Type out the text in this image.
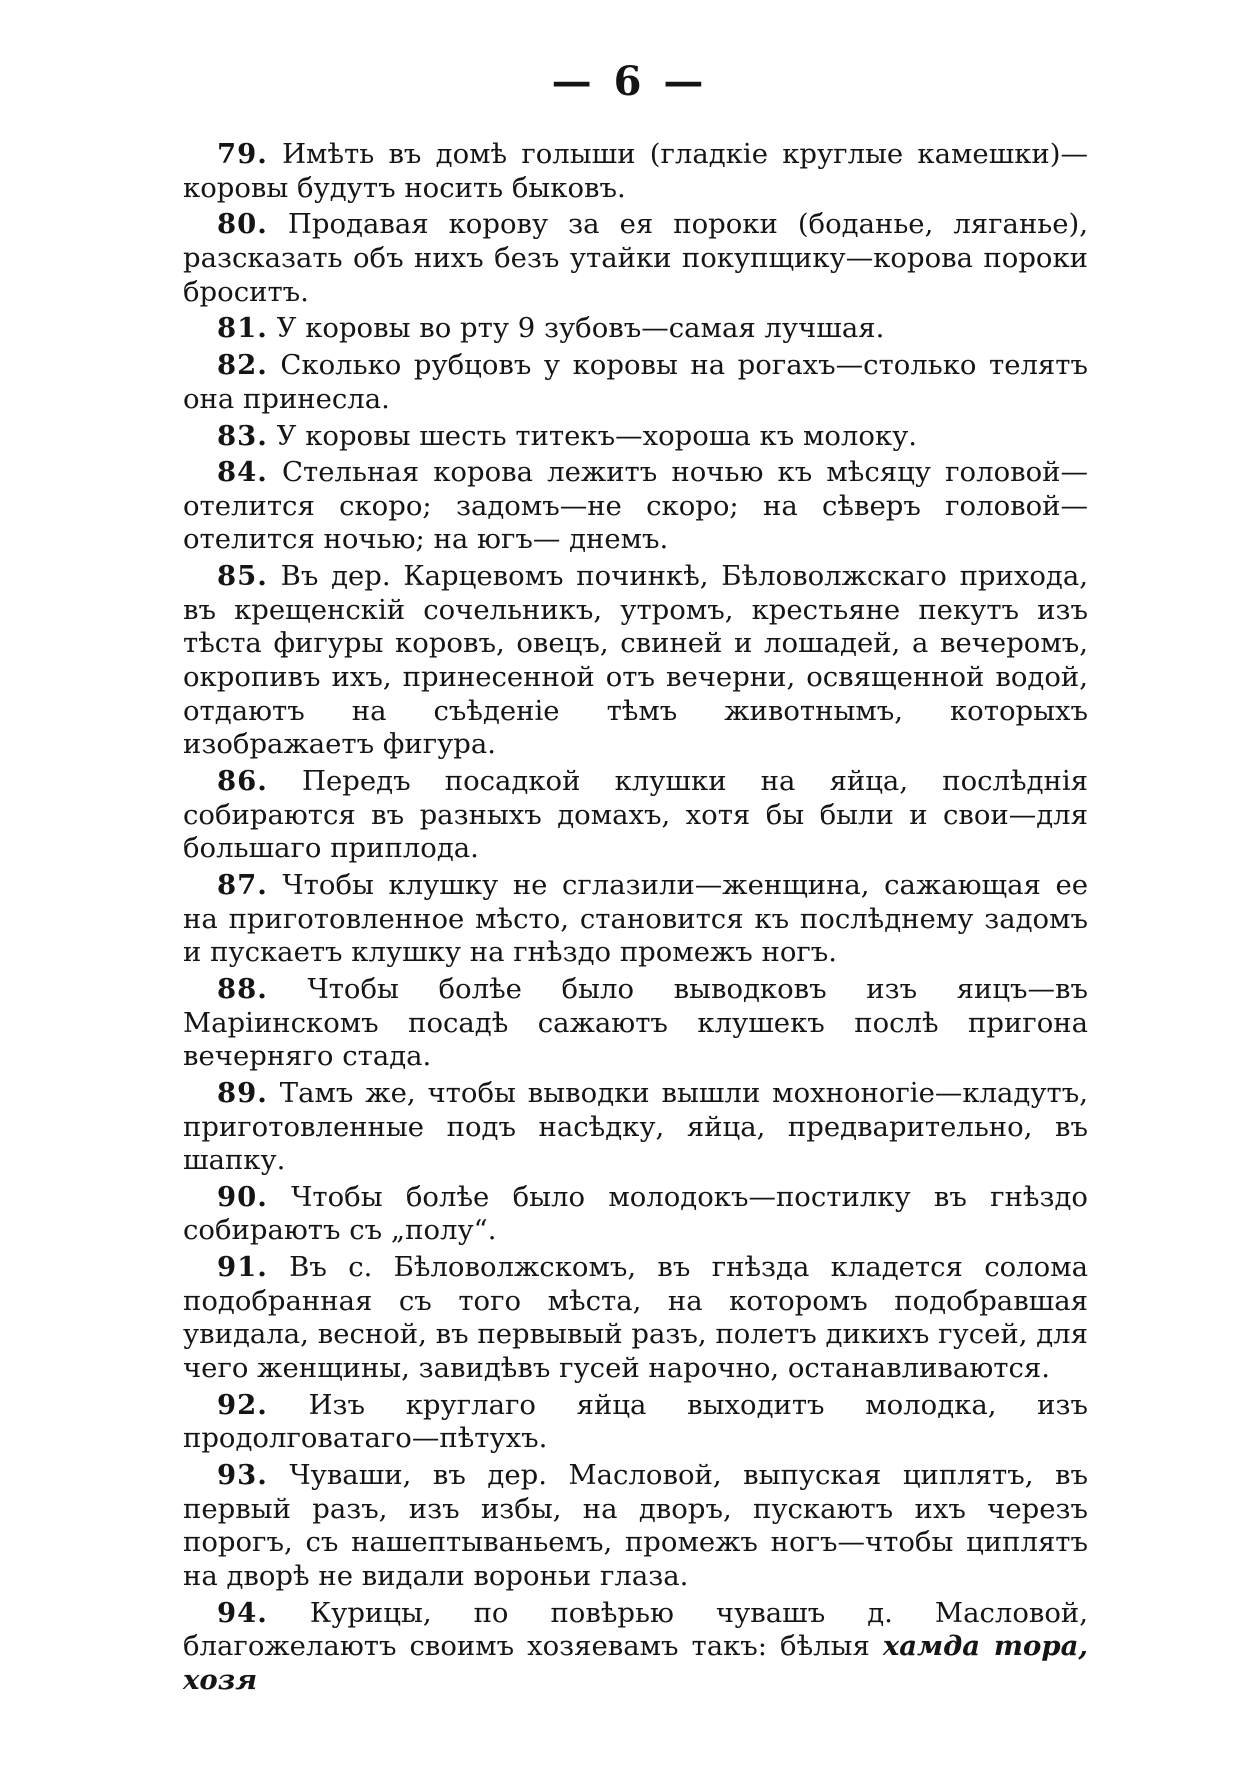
— 6 —

79. Имѣть въ домѣ голыши (гладкіе круглые камешки)—коровы будутъ носить быковъ.

80. Продавая корову за ея пороки (боданье, ляганье), разсказать объ нихъ безъ утайки покупщику—корова пороки броситъ.

81. У коровы во рту 9 зубовъ—самая лучшая.

82. Сколько рубцовъ у коровы на рогахъ—столько телятъ она принесла.

83. У коровы шесть титекъ—хороша къ молоку.

84. Стельная корова лежитъ ночью къ мѣсяцу головой—отелится скоро; задомъ—не скоро; на сѣверъ головой—отелится ночью; на югъ— днемъ.

85. Въ дер. Карцевомъ починкѣ, Бѣловолжскаго прихода, въ крещенскій сочельникъ, утромъ, крестьяне пекутъ изъ тѣста фигуры коровъ, овецъ, свиней и лошадей, а вечеромъ, окропивъ ихъ, принесенной отъ вечерни, освященной водой, отдаютъ на съѣденіе тѣмъ животнымъ, которыхъ изображаетъ фигура.

86. Передъ посадкой клушки на яйца, послѣднія собираются въ разныхъ домахъ, хотя бы были и свои—для большаго приплода.

87. Чтобы клушку не сглазили—женщина, сажающая ее на приготовленное мѣсто, становится къ послѣднему задомъ и пускаетъ клушку на гнѣздо промежъ ногъ.

88. Чтобы болѣе было выводковъ изъ яицъ—въ Маріинскомъ посадѣ сажаютъ клушекъ послѣ пригона вечерняго стада.

89. Тамъ же, чтобы выводки вышли мохноногіе—кладутъ, приготовленные подъ насѣдку, яйца, предварительно, въ шапку.

90. Чтобы болѣе было молодокъ—постилку въ гнѣздо собираютъ съ „полу“.

91. Въ с. Бѣловолжскомъ, въ гнѣзда кладется солома подобранная съ того мѣста, на которомъ подобравшая увидала, весной, въ первывый разъ, полетъ дикихъ гусей, для чего женщины, завидѣвъ гусей нарочно, останавливаются.

92. Изъ круглаго яйца выходитъ молодка, изъ продолговатаго—пѣтухъ.

93. Чуваши, въ дер. Масловой, выпуская циплятъ, въ первый разъ, изъ избы, на дворъ, пускаютъ ихъ черезъ порогъ, съ нашептываньемъ, промежъ ногъ—чтобы циплятъ на дворѣ не видали вороньи глаза.

94. Курицы, по повѣрью чувашъ д. Масловой, благожелаютъ своимъ хозяевамъ такъ: бѣлыя хамда тора, хозя
